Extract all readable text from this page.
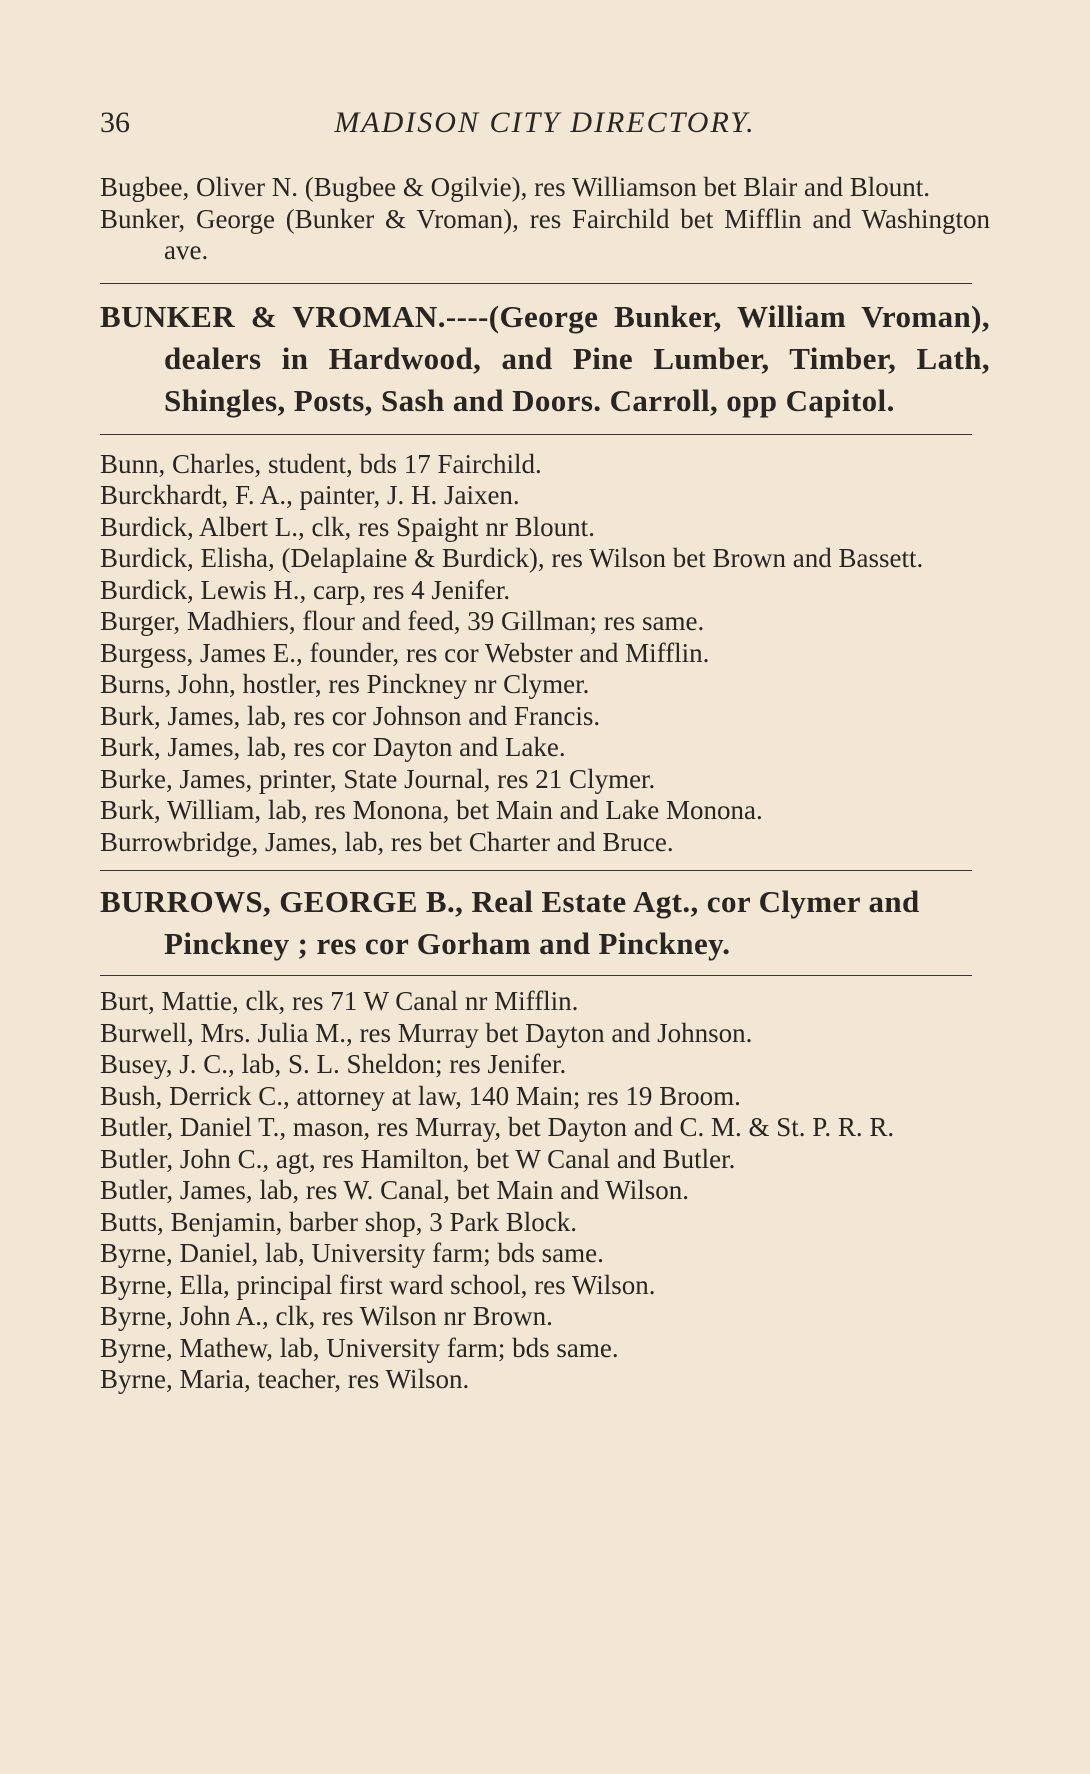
36	MADISON CITY DIRECTORY.
Bugbee, Oliver N. (Bugbee & Ogilvie), res Williamson bet Blair and Blount.
Bunker, George (Bunker & Vroman), res Fairchild bet Mifflin and Washington ave.
BUNKER & VROMAN.----(George Bunker, William Vroman), dealers in Hardwood, and Pine Lumber, Timber, Lath, Shingles, Posts, Sash and Doors. Carroll, opp Capitol.
Bunn, Charles, student, bds 17 Fairchild.
Burckhardt, F. A., painter, J. H. Jaixen.
Burdick, Albert L., clk, res Spaight nr Blount.
Burdick, Elisha, (Delaplaine & Burdick), res Wilson bet Brown and Bassett.
Burdick, Lewis H., carp, res 4 Jenifer.
Burger, Madhiers, flour and feed, 39 Gillman; res same.
Burgess, James E., founder, res cor Webster and Mifflin.
Burns, John, hostler, res Pinckney nr Clymer.
Burk, James, lab, res cor Johnson and Francis.
Burk, James, lab, res cor Dayton and Lake.
Burke, James, printer, State Journal, res 21 Clymer.
Burk, William, lab, res Monona, bet Main and Lake Monona.
Burrowbridge, James, lab, res bet Charter and Bruce.
BURROWS, GEORGE B., Real Estate Agt., cor Clymer and Pinckney ; res cor Gorham and Pinckney.
Burt, Mattie, clk, res 71 W Canal nr Mifflin.
Burwell, Mrs. Julia M., res Murray bet Dayton and Johnson.
Busey, J. C., lab, S. L. Sheldon; res Jenifer.
Bush, Derrick C., attorney at law, 140 Main; res 19 Broom.
Butler, Daniel T., mason, res Murray, bet Dayton and C. M. & St. P. R. R.
Butler, John C., agt, res Hamilton, bet W Canal and Butler.
Butler, James, lab, res W. Canal, bet Main and Wilson.
Butts, Benjamin, barber shop, 3 Park Block.
Byrne, Daniel, lab, University farm; bds same.
Byrne, Ella, principal first ward school, res Wilson.
Byrne, John A., clk, res Wilson nr Brown.
Byrne, Mathew, lab, University farm; bds same.
Byrne, Maria, teacher, res Wilson.
